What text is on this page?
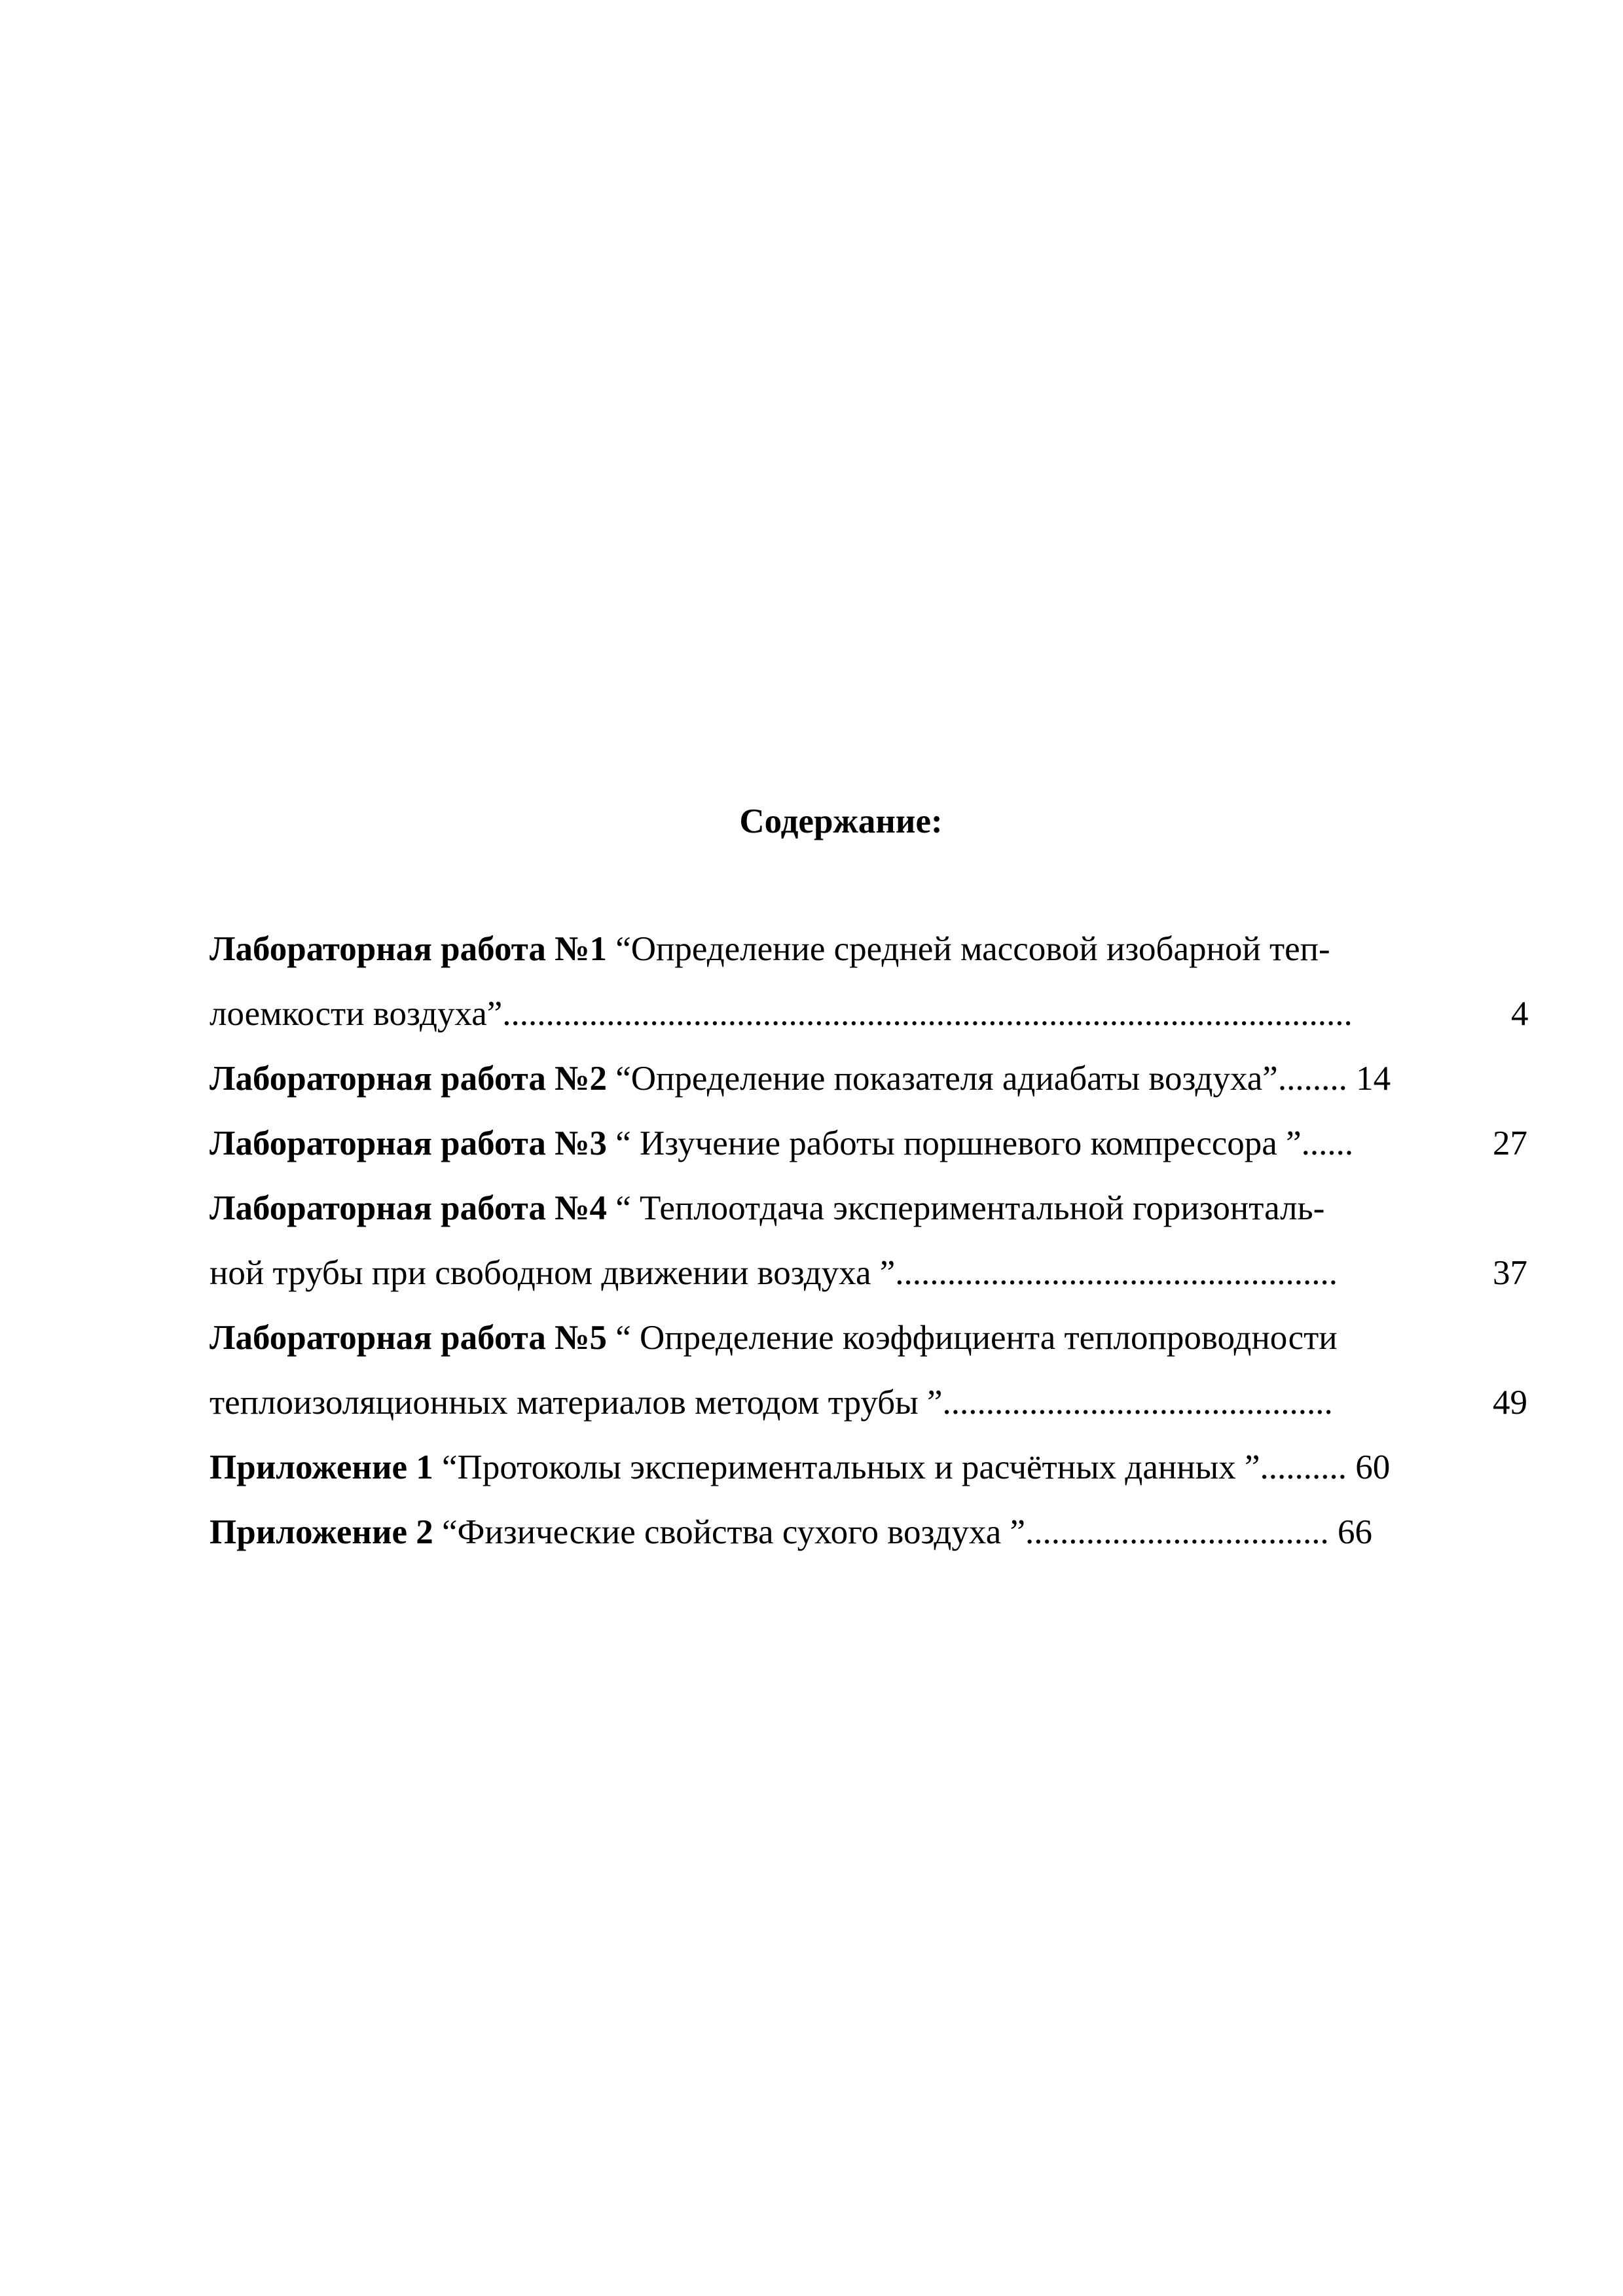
Содержание:
Лабораторная работа №1 “Определение средней массовой изобарной теп-
лоемкости воздуха”..................................................................................................	4
Лабораторная работа №2 “Определение показателя адиабаты воздуха”........ 14
Лабораторная работа №3 “ Изучение работы поршневого компрессора ”......	27
Лабораторная работа №4 “ Теплоотдача экспериментальной горизонталь-
ной трубы при свободном движении воздуха ”...................................................	37
Лабораторная работа №5 “ Определение коэффициента теплопроводности
теплоизоляционных материалов методом трубы ”.............................................	49
Приложение 1 “Протоколы экспериментальных и расчётных данных ”.......... 60
Приложение 2 “Физические свойства сухого воздуха ”................................... 66
